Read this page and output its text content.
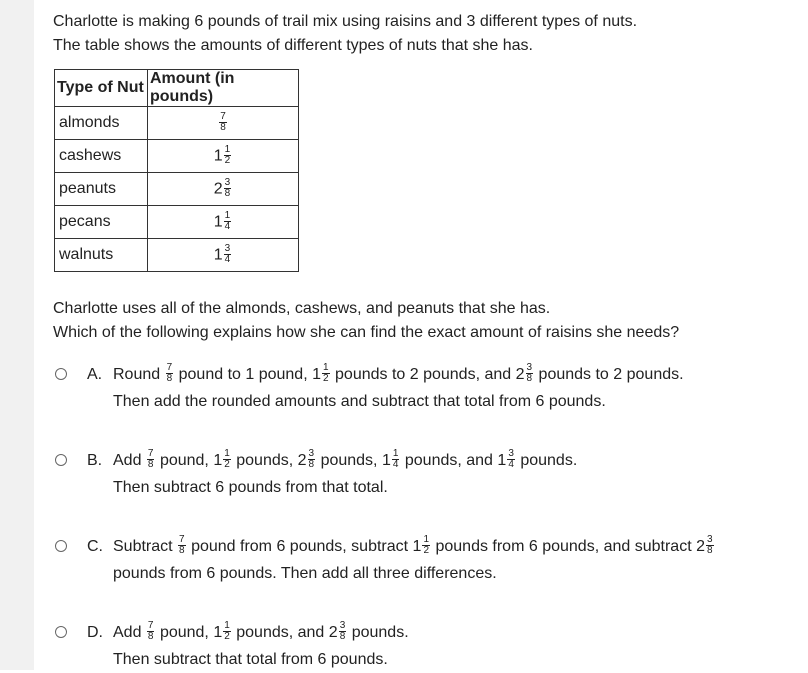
Charlotte is making 6 pounds of trail mix using raisins and 3 different types of nuts.
The table shows the amounts of different types of nuts that she has.
Type of Nut	Amount (in pounds)
almonds	$\frac{7}{8}$

cashews	$1 \frac{1}{2}$

peanuts	$2 \frac{3}{8}$

pecans	$1 \frac{1}{4}$

walnuts	$1 \frac{3}{4}$
Charlotte uses all of the almonds, cashews, and peanuts that she has.
Which of the following explains how she can find the exact amount of raisins she needs?
A. Round $\frac{7}{8}$ pound to 1 pound, $1 \frac{1}{2}$ pounds to 2 pounds, and $2 \frac{3}{8}$ pounds to 2 pounds.
Then add the rounded amounts and subtract that total from 6 pounds.
B. Add $\frac{7}{8}$ pound, $1 \frac{1}{2}$ pounds, $2 \frac{3}{8}$ pounds, $1 \frac{1}{4}$ pounds, and $1 \frac{3}{4}$ pounds.
Then subtract 6 pounds from that total.
C. Subtract $\frac{7}{8}$ pound from 6 pounds, subtract $1 \frac{1}{2}$ pounds from 6 pounds, and subtract $2 \frac{3}{8}$
pounds from 6 pounds. Then add all three differences.
D. Add $\frac{7}{8}$ pound, $1 \frac{1}{2}$ pounds, and $2 \frac{3}{8}$ pounds.
Then subtract that total from 6 pounds.
